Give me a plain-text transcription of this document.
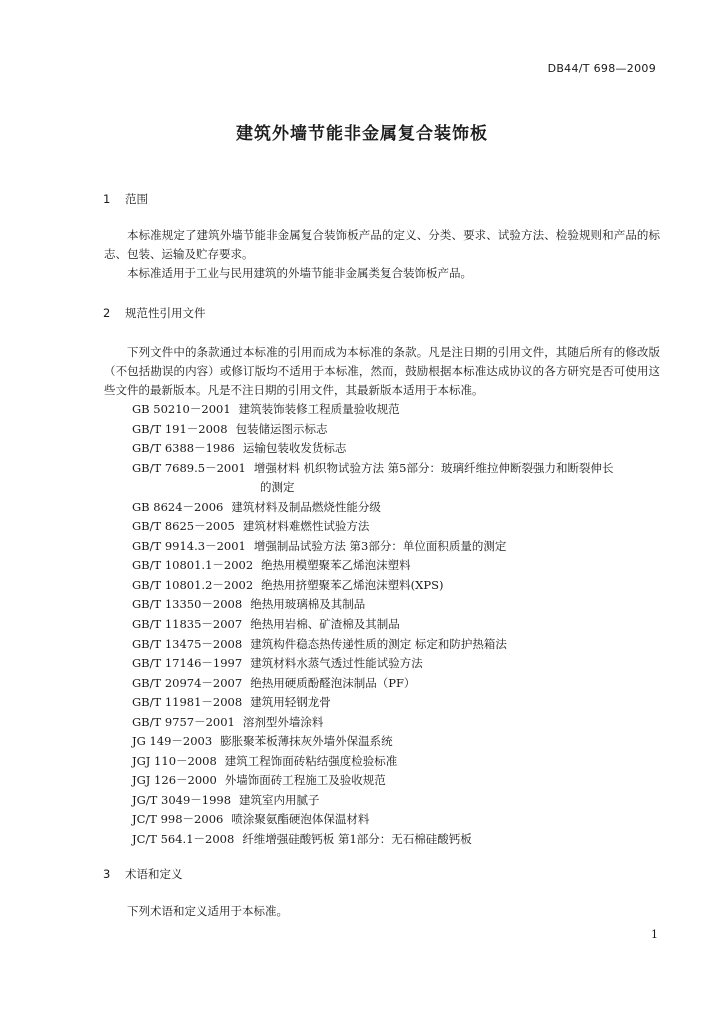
DB44/T 698—2009
建筑外墙节能非金属复合装饰板
1 范围
本标准规定了建筑外墙节能非金属复合装饰板产品的定义、分类、要求、试验方法、检验规则和产品的标志、包装、运输及贮存要求。
本标准适用于工业与民用建筑的外墙节能非金属类复合装饰板产品。
2 规范性引用文件
下列文件中的条款通过本标准的引用而成为本标准的条款。凡是注日期的引用文件，其随后所有的修改版（不包括勘误的内容）或修订版均不适用于本标准，然而，鼓励根据本标准达成协议的各方研究是否可使用这些文件的最新版本。凡是不注日期的引用文件，其最新版本适用于本标准。
GB 50210－2001 建筑装饰装修工程质量验收规范
GB/T 191－2008 包装储运图示标志
GB/T 6388－1986 运输包装收发货标志
GB/T 7689.5－2001 增强材料 机织物试验方法 第5部分：玻璃纤维拉伸断裂强力和断裂伸长
的测定
GB 8624－2006 建筑材料及制品燃烧性能分级
GB/T 8625－2005 建筑材料难燃性试验方法
GB/T 9914.3－2001 增强制品试验方法 第3部分：单位面积质量的测定
GB/T 10801.1－2002 绝热用模塑聚苯乙烯泡沫塑料
GB/T 10801.2－2002 绝热用挤塑聚苯乙烯泡沫塑料(XPS)
GB/T 13350－2008 绝热用玻璃棉及其制品
GB/T 11835－2007 绝热用岩棉、矿渣棉及其制品
GB/T 13475－2008 建筑构件稳态热传递性质的测定 标定和防护热箱法
GB/T 17146－1997 建筑材料水蒸气透过性能试验方法
GB/T 20974－2007 绝热用硬质酚醛泡沫制品（PF）
GB/T 11981－2008 建筑用轻钢龙骨
GB/T 9757－2001 溶剂型外墙涂料
JG 149－2003 膨胀聚苯板薄抹灰外墙外保温系统
JGJ 110－2008 建筑工程饰面砖粘结强度检验标准
JGJ 126－2000 外墙饰面砖工程施工及验收规范
JG/T 3049－1998 建筑室内用腻子
JC/T 998－2006 喷涂聚氨酯硬泡体保温材料
JC/T 564.1－2008 纤维增强硅酸钙板 第1部分：无石棉硅酸钙板
3 术语和定义
下列术语和定义适用于本标准。
1
